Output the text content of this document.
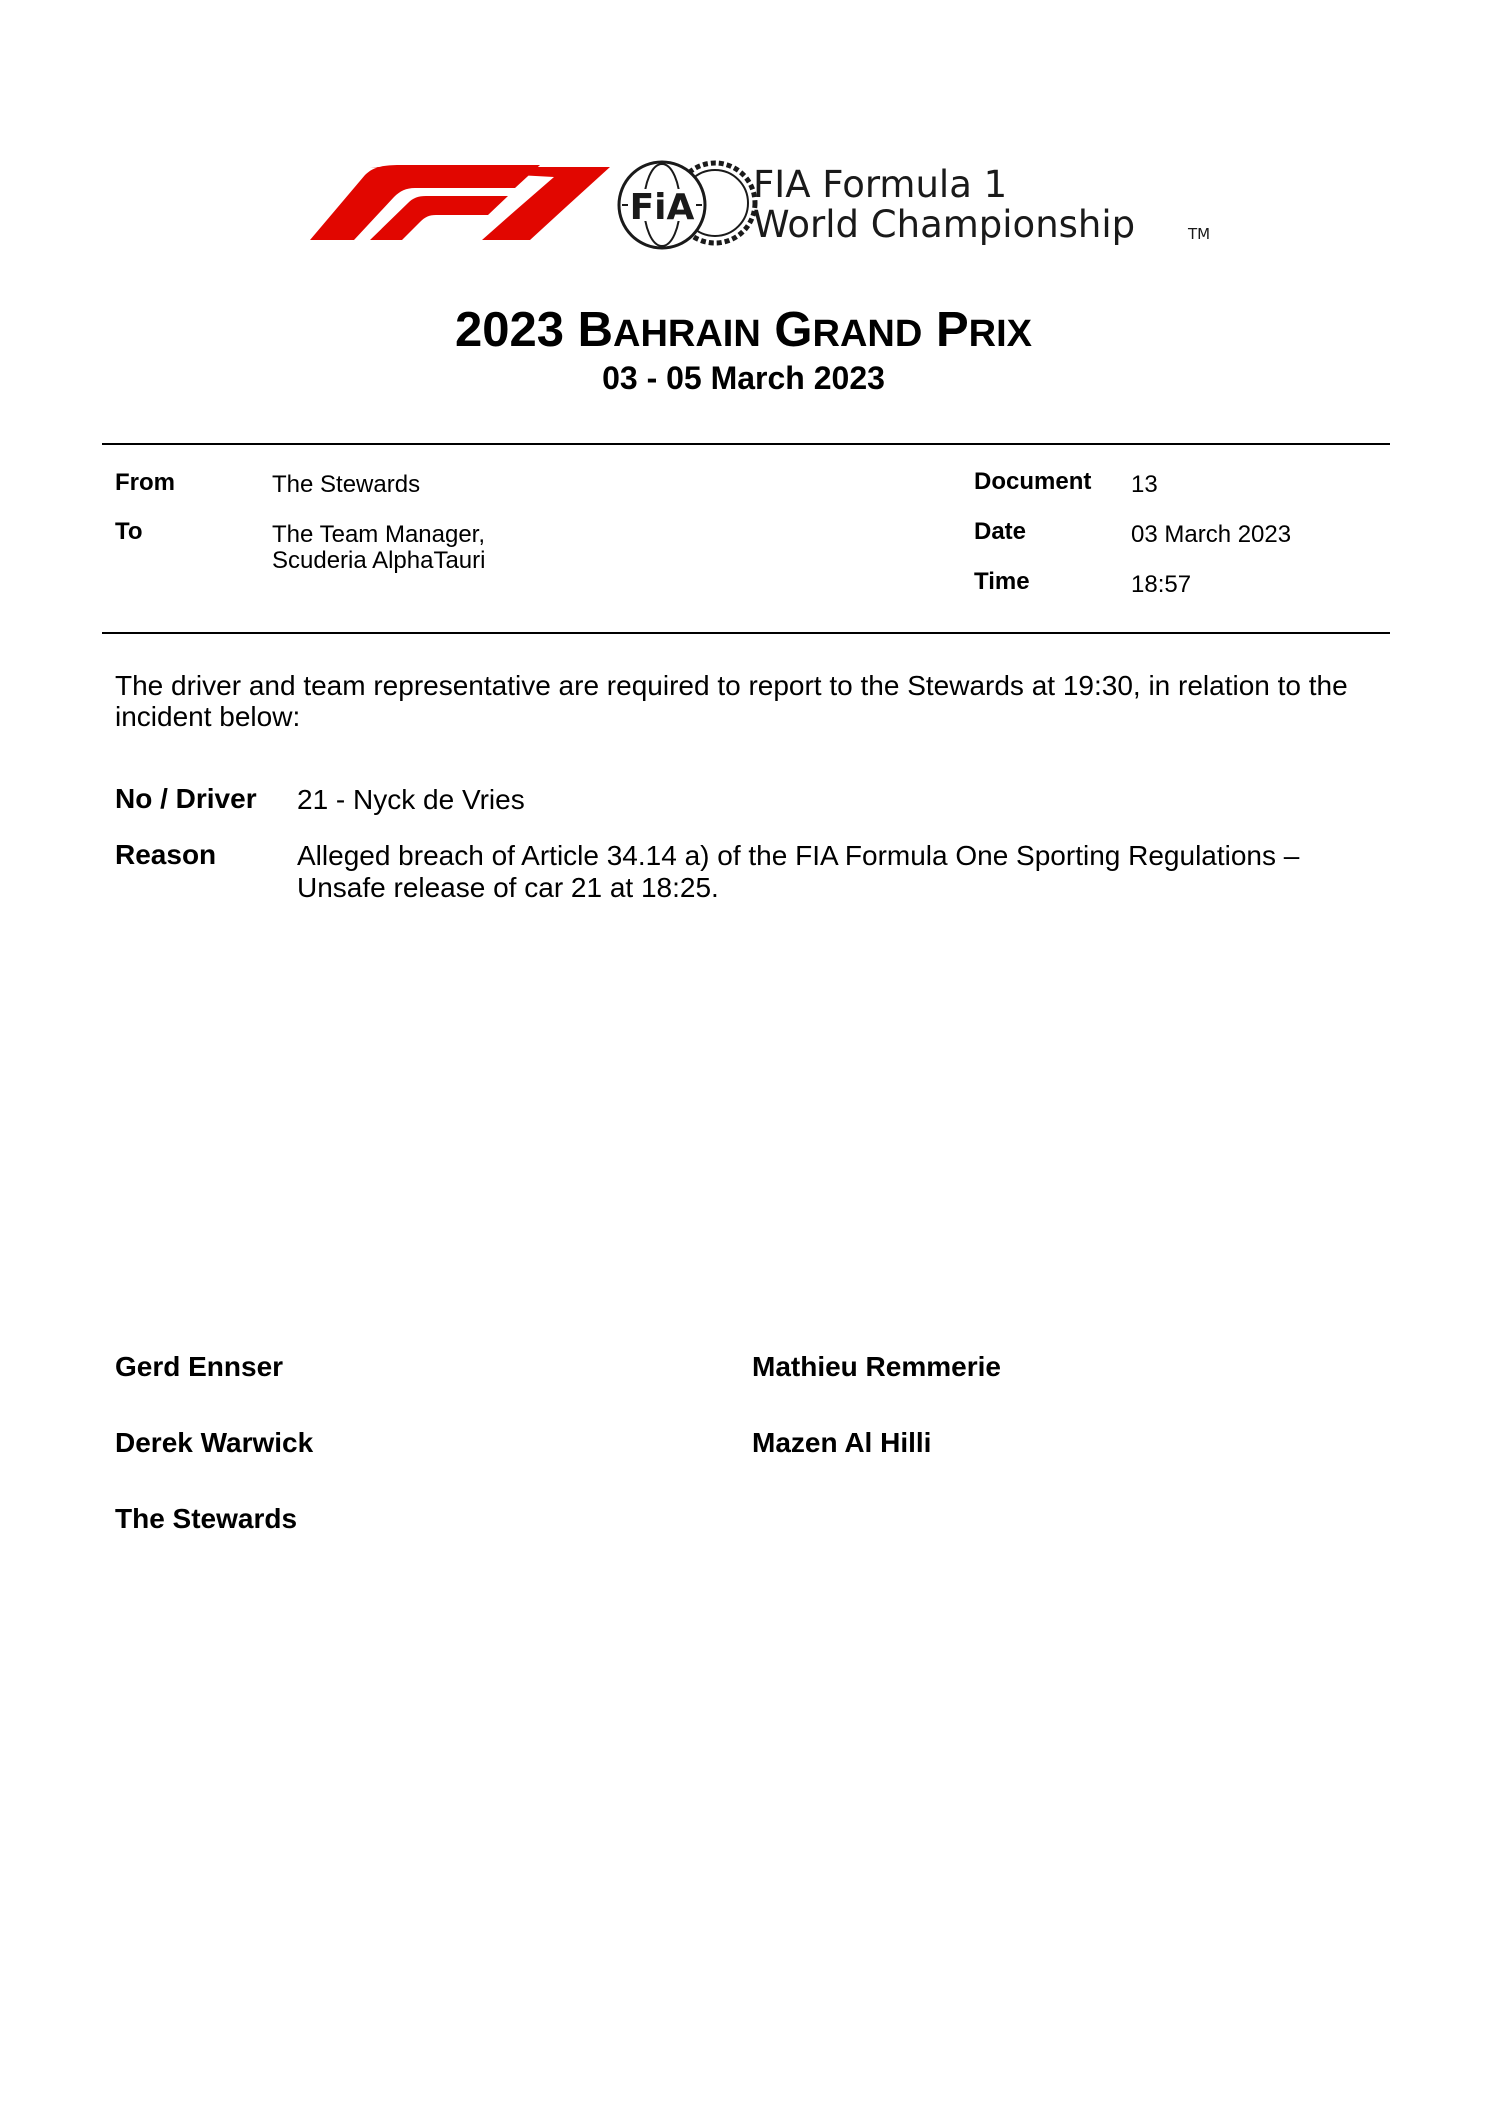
FiA
FIA Formula 1
World Championship	TM
2023 BAHRAIN GRAND PRIX
03 - 05 March 2023
From	The Stewards
To	The Team Manager,
Scuderia AlphaTauri
Document 13
Date	03 March 2023
Time	18:57
The driver and team representative are required to report to the Stewards at 19:30, in relation to the
incident below:
No / Driver 21 - Nyck de Vries
Reason	Alleged breach of Article 34.14 a) of the FIA Formula One Sporting Regulations –
Unsafe release of car 21 at 18:25.
Gerd Ennser	Mathieu Remmerie
Derek Warwick	Mazen Al Hilli
The Stewards
